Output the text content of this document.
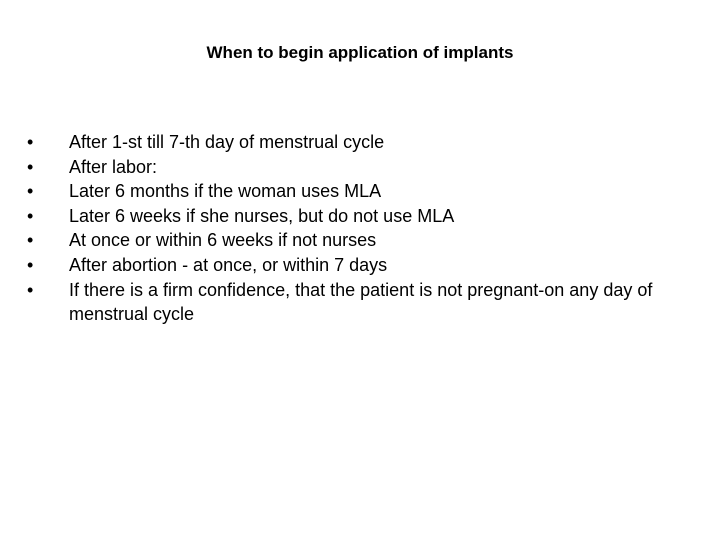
When to begin application of implants
•	After 1-st till 7-th day of menstrual cycle
•	After labor:
•	Later 6 months if the woman uses MLA
•	Later 6 weeks if she nurses, but do not use MLA
•	At once or within 6 weeks if not nurses
•	After abortion - at once, or within 7 days
•	If there is a firm confidence, that the patient is not pregnant-on any day of menstrual cycle
